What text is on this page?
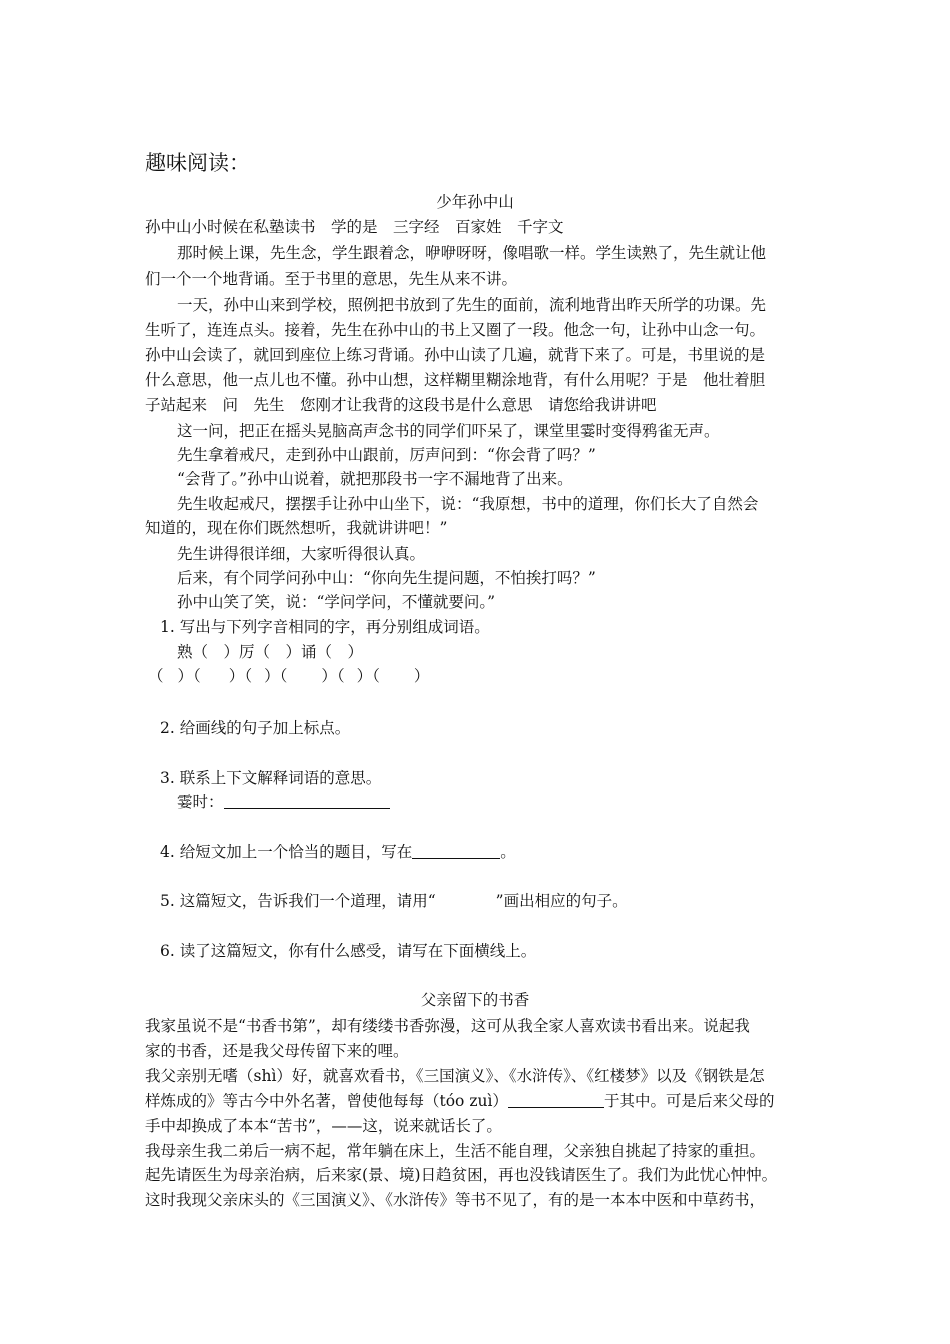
趣味阅读：
少年孙中山
孙中山小时候在私塾读书　学的是　三字经　百家姓　千字文
那时候上课，先生念，学生跟着念，咿咿呀呀，像唱歌一样。学生读熟了，先生就让他
们一个一个地背诵。至于书里的意思，先生从来不讲。
一天，孙中山来到学校，照例把书放到了先生的面前，流利地背出昨天所学的功课。先
生听了，连连点头。接着，先生在孙中山的书上又圈了一段。他念一句，让孙中山念一句。
孙中山会读了，就回到座位上练习背诵。孙中山读了几遍，就背下来了。可是，书里说的是
什么意思，他一点儿也不懂。孙中山想，这样糊里糊涂地背，有什么用呢？于是　他壮着胆
子站起来　问　先生　您刚才让我背的这段书是什么意思　请您给我讲讲吧
这一问，把正在摇头晃脑高声念书的同学们吓呆了，课堂里霎时变得鸦雀无声。
先生拿着戒尺，走到孙中山跟前，厉声问到：“你会背了吗？”
“会背了。”孙中山说着，就把那段书一字不漏地背了出来。
先生收起戒尺，摆摆手让孙中山坐下，说：“我原想，书中的道理，你们长大了自然会
知道的，现在你们既然想听，我就讲讲吧！”
先生讲得很详细，大家听得很认真。
后来，有个同学问孙中山：“你向先生提问题，不怕挨打吗？”
孙中山笑了笑，说：“学问学问，不懂就要问。”
1. 写出与下列字音相同的字，再分别组成词语。
熟（　）厉（　）诵（　）
（ ）（ ）（ ）（ ）（ ）（ ）
2. 给画线的句子加上标点。
3. 联系上下文解释词语的意思。
霎时：
4. 给短文加上一个恰当的题目，写在	。
5. 这篇短文，告诉我们一个道理，请用“	”画出相应的句子。
6. 读了这篇短文，你有什么感受，请写在下面横线上。
父亲留下的书香
我家虽说不是“书香书第”，却有缕缕书香弥漫，这可从我全家人喜欢读书看出来。说起我
家的书香，还是我父母传留下来的哩。
我父亲别无嗜（shì）好，就喜欢看书，《三国演义》、《水浒传》、《红楼梦》以及《钢铁是怎
样炼成的》等古今中外名著，曾使他每每（tóo zuì）	于其中。可是后来父母的
手中却换成了本本“苦书”，——这，说来就话长了。
我母亲生我二弟后一病不起，常年躺在床上，生活不能自理，父亲独自挑起了持家的重担。
起先请医生为母亲治病，后来家(景、境)日趋贫困，再也没钱请医生了。我们为此忧心忡忡。
这时我现父亲床头的《三国演义》、《水浒传》等书不见了，有的是一本本中医和中草药书，
